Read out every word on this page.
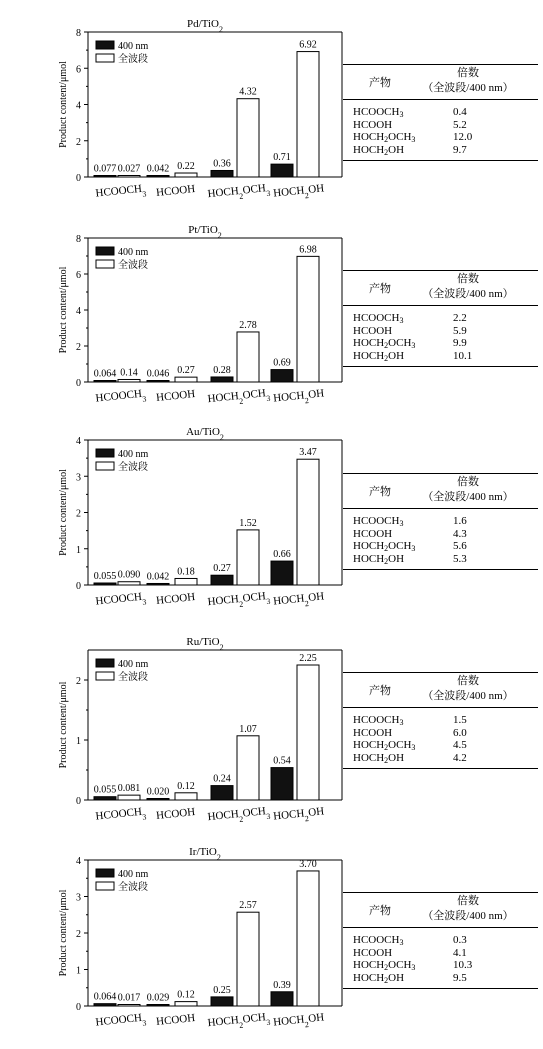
Pd/TiO$_2$
0
2
4
6
8
Product content/μmol
400 nm
全波段
0.077 0.027
$HCOOCH_3$
0.042 0.22
HCOOH
0.36
4.32
$HOCH_2OCH_3$
0.71
6.92
$HOCH_2OH$
Pt/TiO$_2$
0
2
4
6
8
Product content/μmol
400 nm
全波段
0.064 0.14
$HCOOCH_3$
0.046 0.27
HCOOH
0.28
2.78
$HOCH_2OCH_3$
0.69
6.98
$HOCH_2OH$
Au/TiO$_2$
0
1
2
3
4
Product content/μmol
400 nm
全波段
0.055 0.090
$HCOOCH_3$
0.042 0.18
HCOOH
0.27
1.52
$HOCH_2OCH_3$
0.66
3.47
$HOCH_2OH$
Ru/TiO$_2$
0
1
2
Product content/μmol
400 nm
全波段
0.055 0.081
$HCOOCH_3$
0.020
0.12
HCOOH
0.24
1.07
$HOCH_2OCH_3$
0.54
2.25
$HOCH_2OH$
Ir/TiO$_2$
0
1
2
3
4
Product content/μmol
400 nm
全波段
0.064 0.017
$HCOOCH_3$
0.029 0.12
HCOOH
0.25
2.57
$HOCH_2OCH_3$
0.39
3.70
$HOCH_2OH$
产物
倍数
（全波段/400 nm）
$HCOOCH_3$	0.4
HCOOH	5.2
$HOCH_2OCH_3$	12.0
$HOCH_2OH$	9.7
产物
倍数
（全波段/400 nm）
$HCOOCH_3$	2.2
HCOOH	5.9
$HOCH_2OCH_3$	9.9
$HOCH_2OH$	10.1
产物
倍数
（全波段/400 nm）
$HCOOCH_3$	1.6
HCOOH	4.3
$HOCH_2OCH_3$	5.6
$HOCH_2OH$	5.3
产物
倍数
（全波段/400 nm）
$HCOOCH_3$	1.5
HCOOH	6.0
$HOCH_2OCH_3$	4.5
$HOCH_2OH$	4.2
产物
倍数
（全波段/400 nm）
$HCOOCH_3$	0.3
HCOOH	4.1
$HOCH_2OCH_3$	10.3
$HOCH_2OH$	9.5
